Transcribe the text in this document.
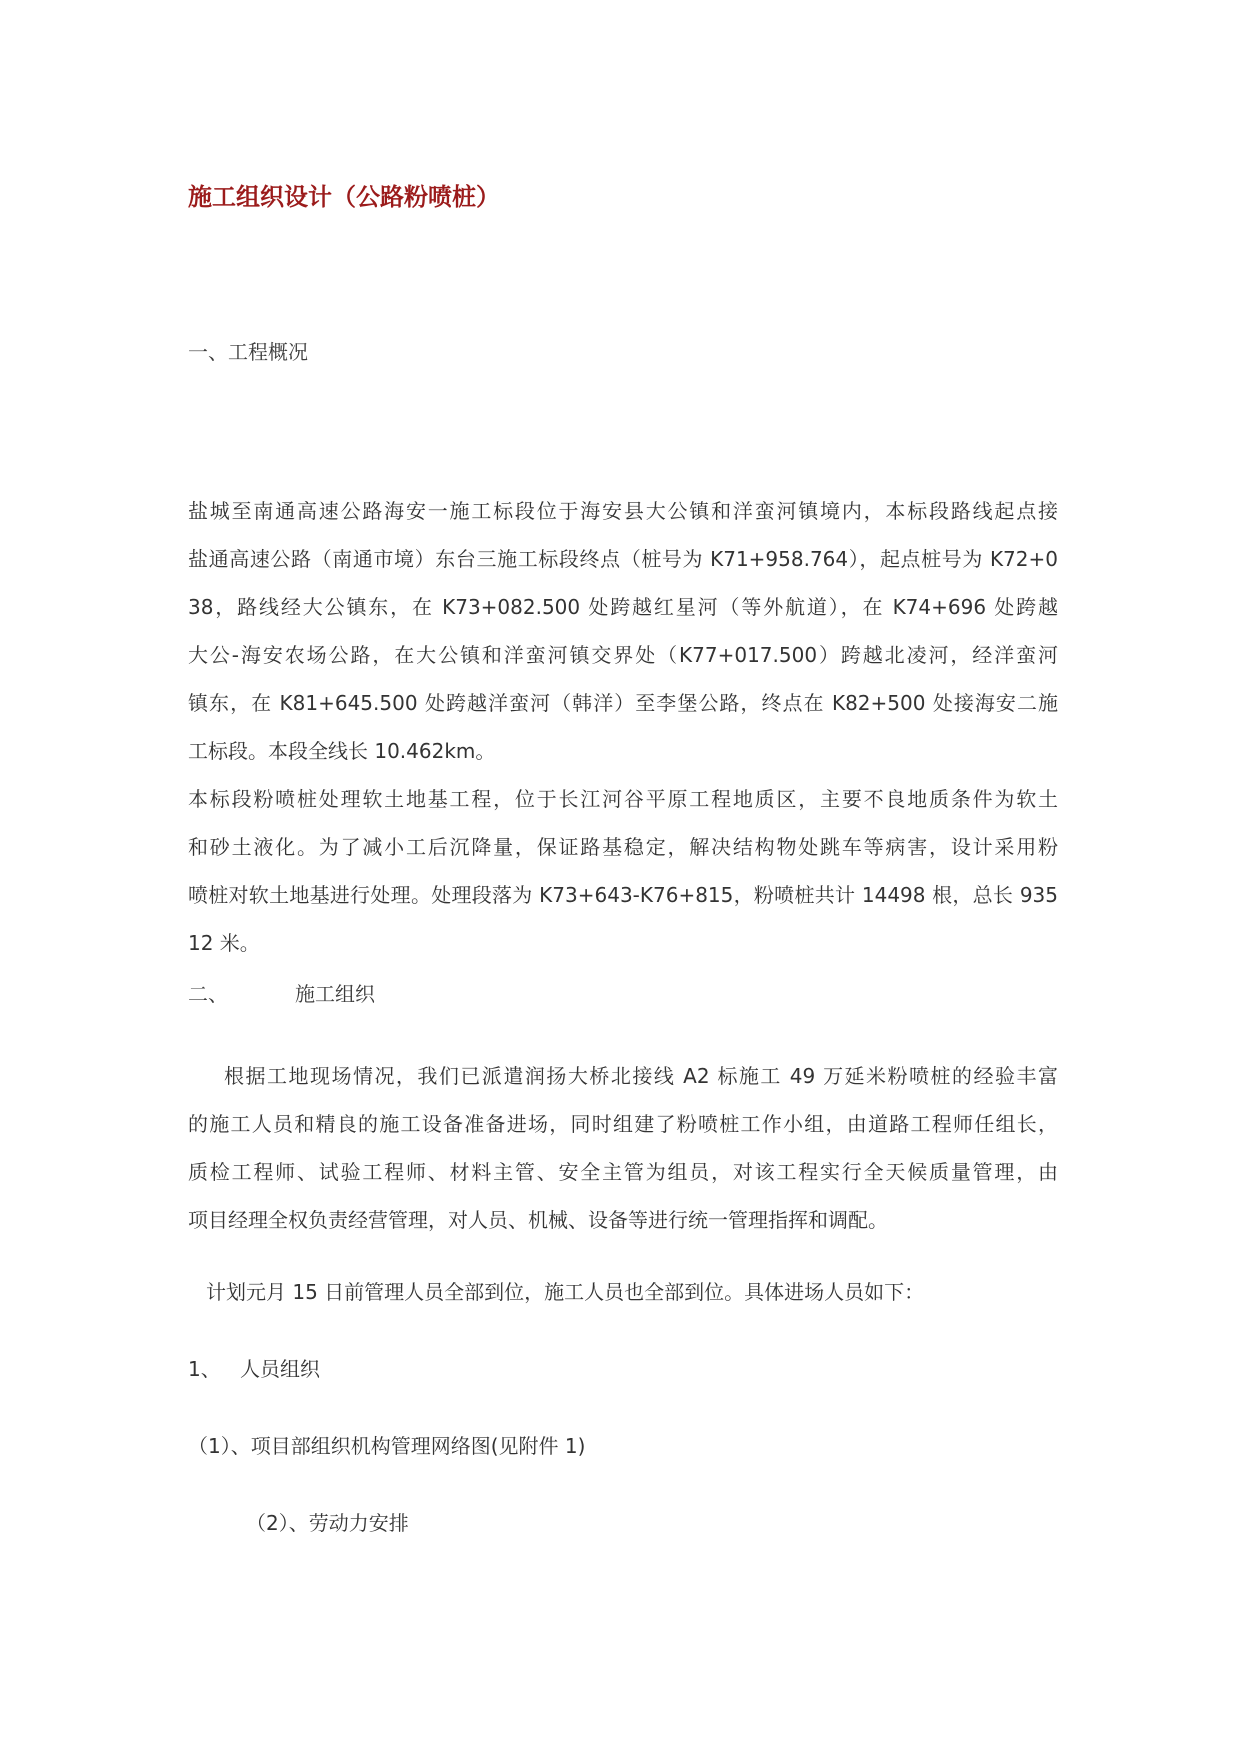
施工组织设计（公路粉喷桩）
一、工程概况
盐城至南通高速公路海安一施工标段位于海安县大公镇和洋蛮河镇境内，本标段路线起点接
盐通高速公路（南通市境）东台三施工标段终点（桩号为 K71+958.764），起点桩号为 K72+0
38，路线经大公镇东，在 K73+082.500 处跨越红星河（等外航道），在 K74+696 处跨越
大公-海安农场公路，在大公镇和洋蛮河镇交界处（K77+017.500）跨越北凌河，经洋蛮河
镇东，在 K81+645.500 处跨越洋蛮河（韩洋）至李堡公路，终点在 K82+500 处接海安二施
工标段。本段全线长 10.462km。
本标段粉喷桩处理软土地基工程，位于长江河谷平原工程地质区，主要不良地质条件为软土
和砂土液化。为了减小工后沉降量，保证路基稳定，解决结构物处跳车等病害，设计采用粉
喷桩对软土地基进行处理。处理段落为 K73+643-K76+815，粉喷桩共计 14498 根，总长 935
12 米。
二、	施工组织
根据工地现场情况，我们已派遣润扬大桥北接线 A2 标施工 49 万延米粉喷桩的经验丰富
的施工人员和精良的施工设备准备进场，同时组建了粉喷桩工作小组，由道路工程师任组长，
质检工程师、试验工程师、材料主管、安全主管为组员，对该工程实行全天候质量管理，由
项目经理全权负责经营管理，对人员、机械、设备等进行统一管理指挥和调配。
计划元月 15 日前管理人员全部到位，施工人员也全部到位。具体进场人员如下：
1、 人员组织
（1）、项目部组织机构管理网络图(见附件 1)
（2）、劳动力安排
